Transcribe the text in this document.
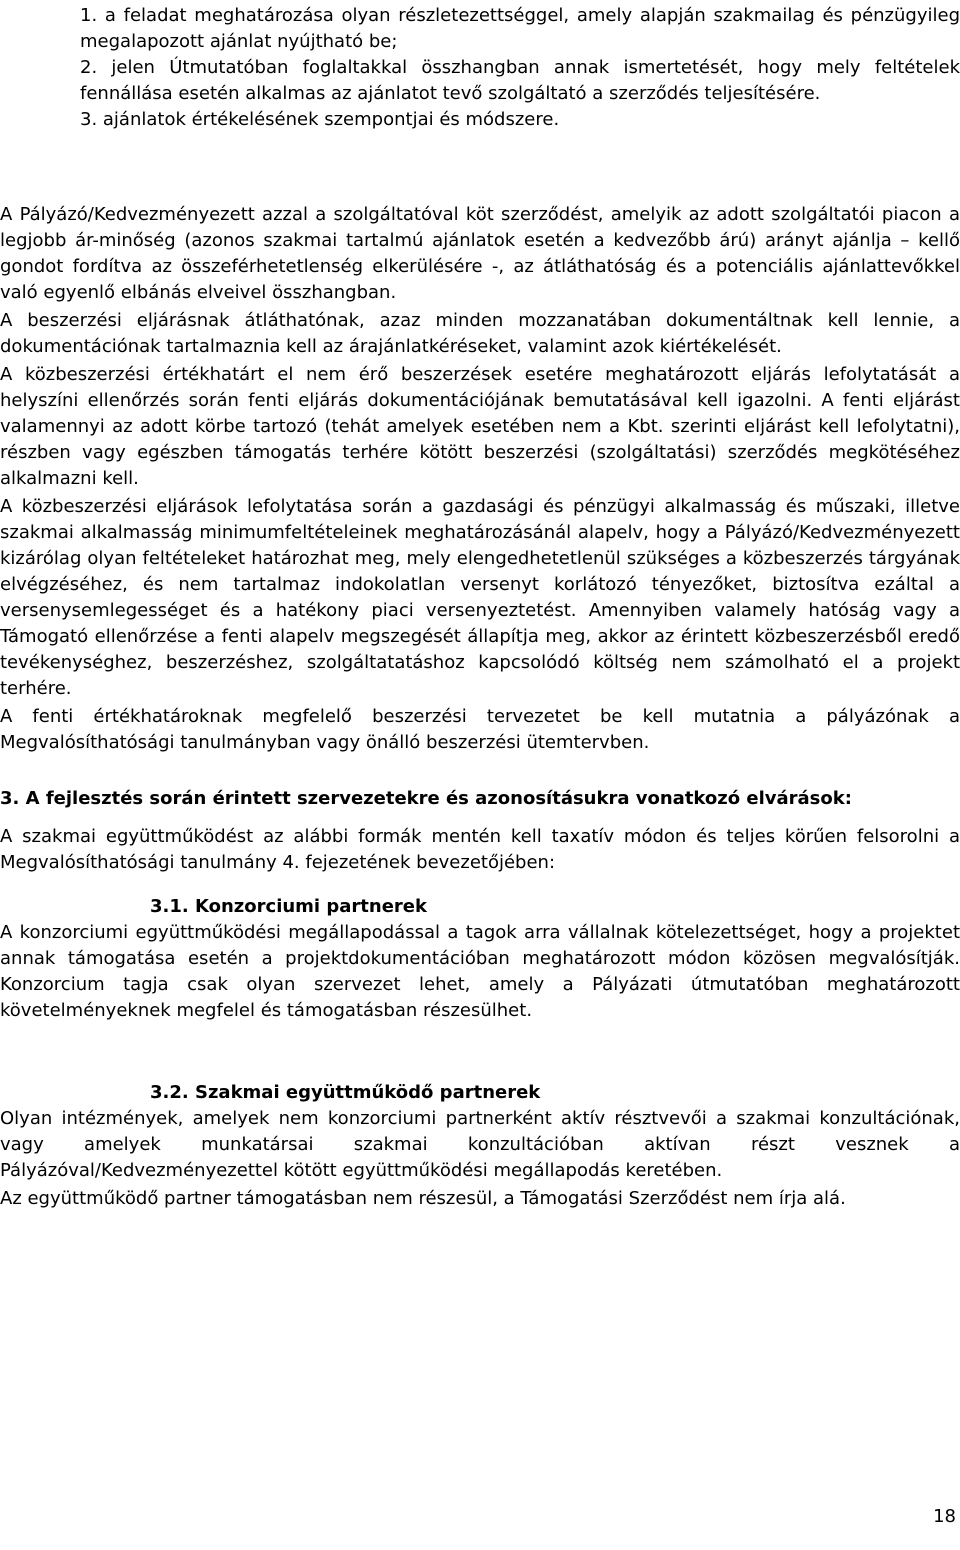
1. a feladat meghatározása olyan részletezettséggel, amely alapján szakmailag és pénzügyileg megalapozott ajánlat nyújtható be;

2. jelen Útmutatóban foglaltakkal összhangban annak ismertetését, hogy mely feltételek fennállása esetén alkalmas az ajánlatot tevő szolgáltató a szerződés teljesítésére.

3. ajánlatok értékelésének szempontjai és módszere.

A Pályázó/Kedvezményezett azzal a szolgáltatóval köt szerződést, amelyik az adott szolgáltatói piacon a legjobb ár-minőség (azonos szakmai tartalmú ajánlatok esetén a kedvezőbb árú) arányt ajánlja – kellő gondot fordítva az összeférhetetlenség elkerülésére -, az átláthatóság és a potenciális ajánlattevőkkel való egyenlő elbánás elveivel összhangban.

A beszerzési eljárásnak átláthatónak, azaz minden mozzanatában dokumentáltnak kell lennie, a dokumentációnak tartalmaznia kell az árajánlatkéréseket, valamint azok kiértékelését.

A közbeszerzési értékhatárt el nem érő beszerzések esetére meghatározott eljárás lefolytatását a helyszíni ellenőrzés során fenti eljárás dokumentációjának bemutatásával kell igazolni. A fenti eljárást valamennyi az adott körbe tartozó (tehát amelyek esetében nem a Kbt. szerinti eljárást kell lefolytatni), részben vagy egészben támogatás terhére kötött beszerzési (szolgáltatási) szerződés megkötéséhez alkalmazni kell.

A közbeszerzési eljárások lefolytatása során a gazdasági és pénzügyi alkalmasság és műszaki, illetve szakmai alkalmasság minimumfeltételeinek meghatározásánál alapelv, hogy a Pályázó/Kedvezményezett kizárólag olyan feltételeket határozhat meg, mely elengedhetetlenül szükséges a közbeszerzés tárgyának elvégzéséhez, és nem tartalmaz indokolatlan versenyt korlátozó tényezőket, biztosítva ezáltal a versenysemlegességet és a hatékony piaci versenyeztetést. Amennyiben valamely hatóság vagy a Támogató ellenőrzése a fenti alapelv megszegését állapítja meg, akkor az érintett közbeszerzésből eredő tevékenységhez, beszerzéshez, szolgáltatatáshoz kapcsolódó költség nem számolható el a projekt terhére.

A fenti értékhatároknak megfelelő beszerzési tervezetet be kell mutatnia a pályázónak a Megvalósíthatósági tanulmányban vagy önálló beszerzési ütemtervben.

3. A fejlesztés során érintett szervezetekre és azonosításukra vonatkozó elvárások:

A szakmai együttműködést az alábbi formák mentén kell taxatív módon és teljes körűen felsorolni a Megvalósíthatósági tanulmány 4. fejezetének bevezetőjében:

3.1. Konzorciumi partnerek

A konzorciumi együttműködési megállapodással a tagok arra vállalnak kötelezettséget, hogy a projektet annak támogatása esetén a projektdokumentációban meghatározott módon közösen megvalósítják. Konzorcium tagja csak olyan szervezet lehet, amely a Pályázati útmutatóban meghatározott követelményeknek megfelel és támogatásban részesülhet.

3.2. Szakmai együttműködő partnerek

Olyan intézmények, amelyek nem konzorciumi partnerként aktív résztvevői a szakmai konzultációnak, vagy amelyek munkatársai szakmai konzultációban aktívan részt vesznek a Pályázóval/Kedvezményezettel kötött együttműködési megállapodás keretében.

Az együttműködő partner támogatásban nem részesül, a Támogatási Szerződést nem írja alá.

18
